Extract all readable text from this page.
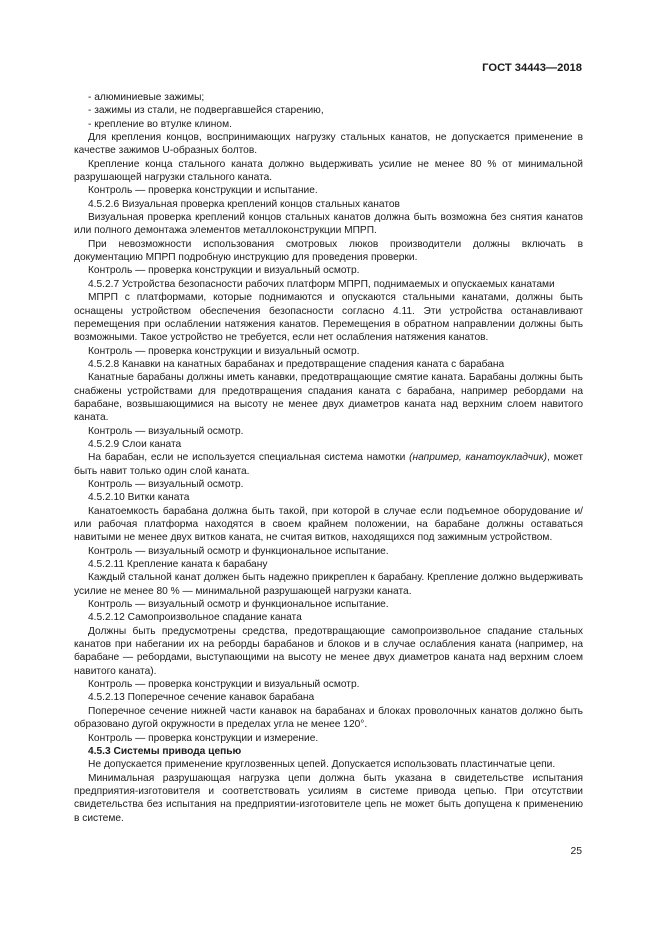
ГОСТ 34443—2018

- алюминиевые зажимы;

- зажимы из стали, не подвергавшейся старению,

- крепление во втулке клином.

Для крепления концов, воспринимающих нагрузку стальных канатов, не допускается применение в качестве зажимов U-образных болтов.

Крепление конца стального каната должно выдерживать усилие не менее 80 % от минимальной разрушающей нагрузки стального каната.

Контроль — проверка конструкции и испытание.

4.5.2.6 Визуальная проверка креплений концов стальных канатов

Визуальная проверка креплений концов стальных канатов должна быть возможна без снятия канатов или полного демонтажа элементов металлоконструкции МПРП.

При невозможности использования смотровых люков производители должны включать в документацию МПРП подробную инструкцию для проведения проверки.

Контроль — проверка конструкции и визуальный осмотр.

4.5.2.7 Устройства безопасности рабочих платформ МПРП, поднимаемых и опускаемых канатами

МПРП с платформами, которые поднимаются и опускаются стальными канатами, должны быть оснащены устройством обеспечения безопасности согласно 4.11. Эти устройства останавливают перемещения при ослаблении натяжения канатов. Перемещения в обратном направлении должны быть возможными. Такое устройство не требуется, если нет ослабления натяжения канатов.

Контроль — проверка конструкции и визуальный осмотр.

4.5.2.8 Канавки на канатных барабанах и предотвращение спадения каната с барабана

Канатные барабаны должны иметь канавки, предотвращающие смятие каната. Барабаны должны быть снабжены устройствами для предотвращения спадания каната с барабана, например ребордами на барабане, возвышающимися на высоту не менее двух диаметров каната над верхним слоем навитого каната.

Контроль — визуальный осмотр.

4.5.2.9 Слои каната

На барабан, если не используется специальная система намотки (например, канатоукладчик), может быть навит только один слой каната.

Контроль — визуальный осмотр.

4.5.2.10 Витки каната

Канатоемкость барабана должна быть такой, при которой в случае если подъемное оборудование и/или рабочая платформа находятся в своем крайнем положении, на барабане должны оставаться навитыми не менее двух витков каната, не считая витков, находящихся под зажимным устройством.

Контроль — визуальный осмотр и функциональное испытание.

4.5.2.11 Крепление каната к барабану

Каждый стальной канат должен быть надежно прикреплен к барабану. Крепление должно выдерживать усилие не менее 80 % — минимальной разрушающей нагрузки каната.

Контроль — визуальный осмотр и функциональное испытание.

4.5.2.12 Самопроизвольное спадание каната

Должны быть предусмотрены средства, предотвращающие самопроизвольное спадание стальных канатов при набегании их на реборды барабанов и блоков и в случае ослабления каната (например, на барабане — ребордами, выступающими на высоту не менее двух диаметров каната над верхним слоем навитого каната).

Контроль — проверка конструкции и визуальный осмотр.

4.5.2.13 Поперечное сечение канавок барабана

Поперечное сечение нижней части канавок на барабанах и блоках проволочных канатов должно быть образовано дугой окружности в пределах угла не менее 120°.

Контроль — проверка конструкции и измерение.

4.5.3 Системы привода цепью

Не допускается применение круглозвенных цепей. Допускается использовать пластинчатые цепи.

Минимальная разрушающая нагрузка цепи должна быть указана в свидетельстве испытания предприятия-изготовителя и соответствовать усилиям в системе привода цепью. При отсутствии свидетельства без испытания на предприятии-изготовителе цепь не может быть допущена к применению в системе.

25
